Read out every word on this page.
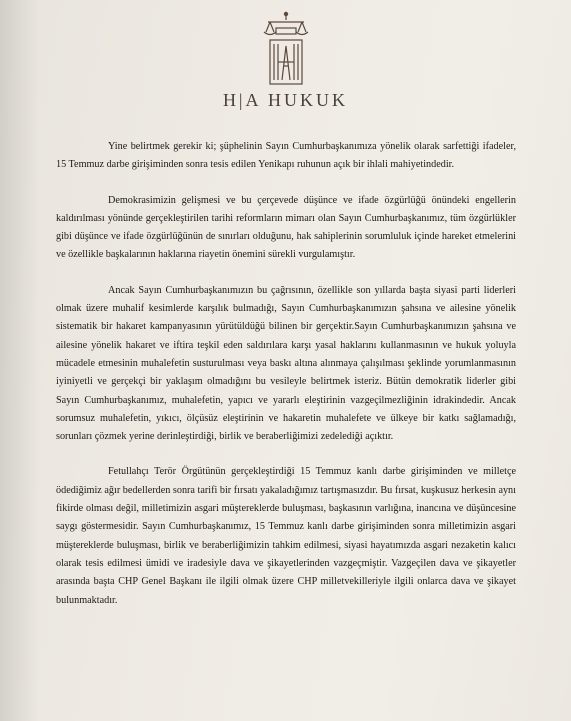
H|A HUKUK

Yine belirtmek gerekir ki; şüphelinin Sayın Cumhurbaşkanımıza yönelik olarak sarfettiği ifadeler, 15 Temmuz darbe girişiminden sonra tesis edilen Yenikapı ruhunun açık bir ihlali mahiyetindedir.

Demokrasimizin gelişmesi ve bu çerçevede düşünce ve ifade özgürlüğü önündeki engellerin kaldırılması yönünde gerçekleştirilen tarihi reformların mimarı olan Sayın Cumhurbaşkanımız, tüm özgürlükler gibi düşünce ve ifade özgürlüğünün de sınırları olduğunu, hak sahiplerinin sorumluluk içinde hareket etmelerini ve özellikle başkalarının haklarına riayetin önemini sürekli vurgulamıştır.

Ancak Sayın Cumhurbaşkanımızın bu çağrısının, özellikle son yıllarda başta siyasi parti liderleri olmak üzere muhalif kesimlerde karşılık bulmadığı, Sayın Cumhurbaşkanımızın şahsına ve ailesine yönelik sistematik bir hakaret kampanyasının yürütüldüğü bilinen bir gerçektir.Sayın Cumhurbaşkanımızın şahsına ve ailesine yönelik hakaret ve iftira teşkil eden saldırılara karşı yasal haklarını kullanmasının ve hukuk yoluyla mücadele etmesinin muhalefetin susturulması veya baskı altına alınmaya çalışılması şeklinde yorumlanmasının iyiniyetli ve gerçekçi bir yaklaşım olmadığını bu vesileyle belirtmek isteriz. Bütün demokratik liderler gibi Sayın Cumhurbaşkanımız, muhalefetin, yapıcı ve yararlı eleştirinin vazgeçilmezliğinin idrakindedir. Ancak sorumsuz muhalefetin, yıkıcı, ölçüsüz eleştirinin ve hakaretin muhalefete ve ülkeye bir katkı sağlamadığı, sorunları çözmek yerine derinleştirdiği, birlik ve beraberliğimizi zedelediği açıktır.

Fetullahçı Terör Örgütünün gerçekleştirdiği 15 Temmuz kanlı darbe girişiminden ve milletçe ödediğimiz ağır bedellerden sonra tarifi bir fırsatı yakaladığımız tartışmasızdır. Bu fırsat, kuşkusuz herkesin aynı fikirde olması değil, milletimizin asgari müştereklerde buluşması, başkasının varlığına, inancına ve düşüncesine saygı göstermesidir. Sayın Cumhurbaşkanımız, 15 Temmuz kanlı darbe girişiminden sonra milletimizin asgari müştereklerde buluşması, birlik ve beraberliğimizin tahkim edilmesi, siyasi hayatımızda asgari nezaketin kalıcı olarak tesis edilmesi ümidi ve iradesiyle dava ve şikayetlerinden vazgeçmiştir. Vazgeçilen dava ve şikayetler arasında başta CHP Genel Başkanı ile ilgili olmak üzere CHP milletvekilleriyle ilgili onlarca dava ve şikayet bulunmaktadır.
